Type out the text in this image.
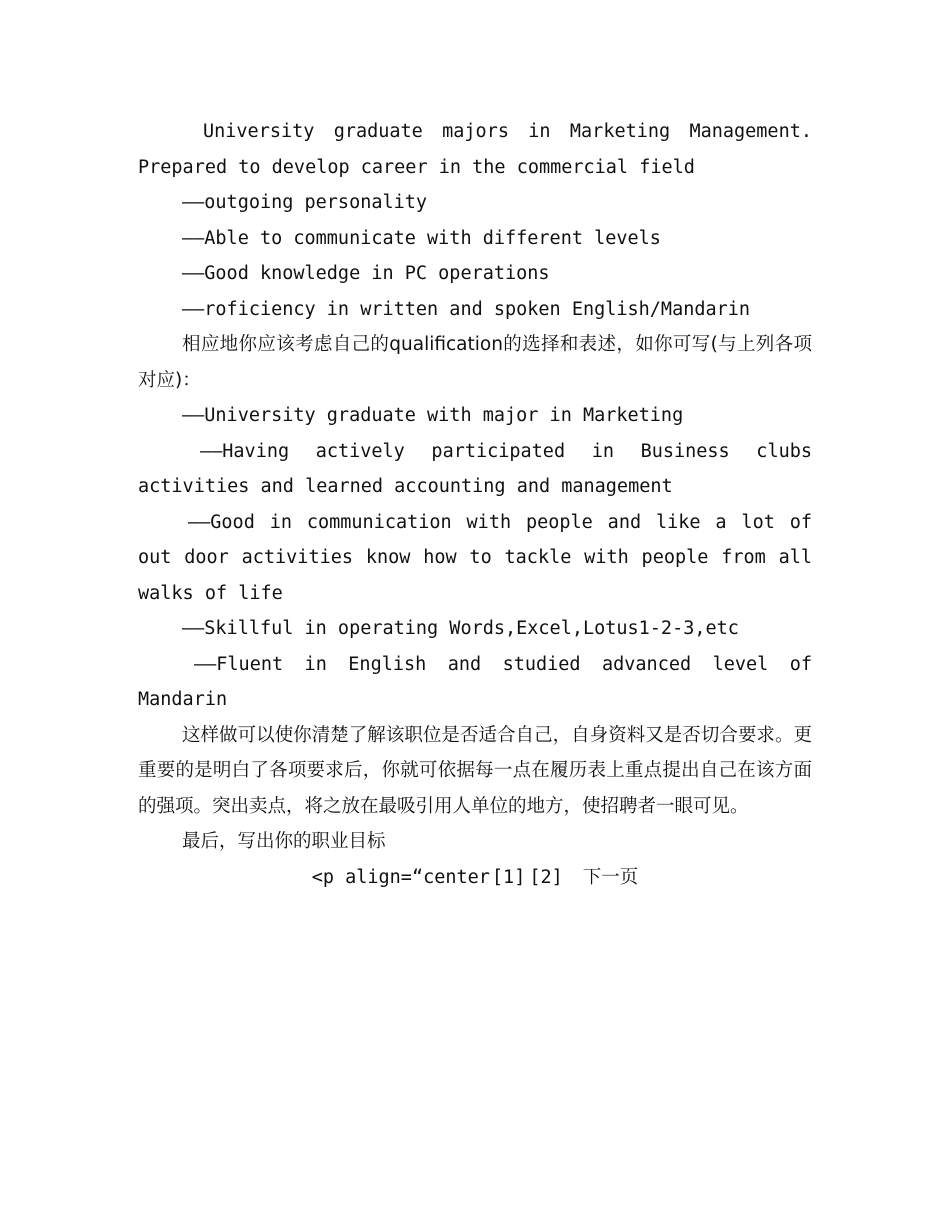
University graduate majors in Marketing Management. Prepared to develop career in the commercial field

——outgoing personality

——Able to communicate with different levels

——Good knowledge in PC operations

——roficiency in written and spoken English/Mandarin

相应地你应该考虑自己的qualification的选择和表述，如你可写(与上列各项对应)：

——University graduate with major in Marketing

——Having actively participated in Business clubs activities and learned accounting and management

——Good in communication with people and like a lot of out door activities know how to tackle with people from all walks of life

——Skillful in operating Words,Excel,Lotus1-2-3,etc

——Fluent in English and studied advanced level of Mandarin

这样做可以使你清楚了解该职位是否适合自己，自身资料又是否切合要求。更重要的是明白了各项要求后，你就可依据每一点在履历表上重点提出自己在该方面的强项。突出卖点，将之放在最吸引用人单位的地方，使招聘者一眼可见。

最后，写出你的职业目标

<p align=“center [1] [2] 下一页
